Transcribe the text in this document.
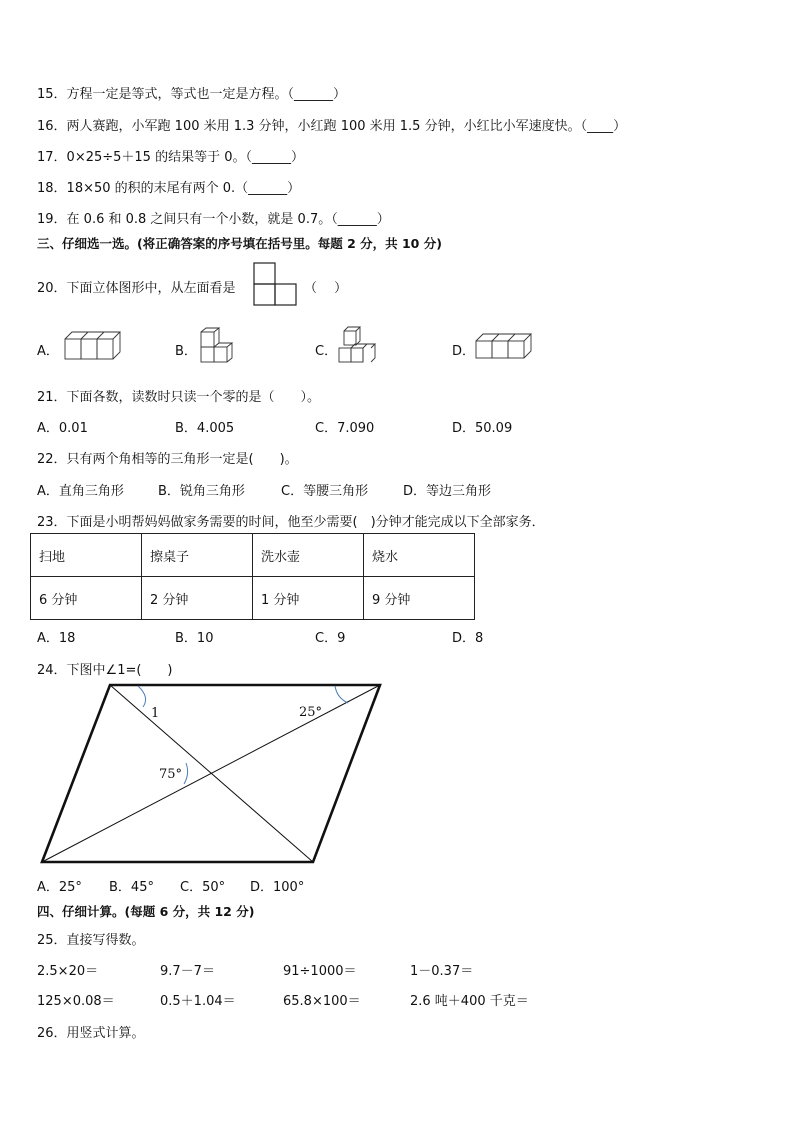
15．方程一定是等式，等式也一定是方程。（______）
16．两人赛跑，小军跑 100 米用 1.3 分钟，小红跑 100 米用 1.5 分钟，小红比小军速度快。（____）
17．0×25÷5＋15 的结果等于 0。（______）
18．18×50 的积的末尾有两个 0.（______）
19．在 0.6 和 0.8 之间只有一个小数，就是 0.7。（______）
三、仔细选一选。(将正确答案的序号填在括号里。每题 2 分，共 10 分)
20．下面立体图形中，从左面看是	（　 ）
A．	B．	C．	D．
21．下面各数，读数时只读一个零的是（　　）。
A．0.01	B．4.005	C．7.090	D．50.09
22．只有两个角相等的三角形一定是(　　)。
A．直角三角形	B．锐角三角形	C．等腰三角形	D．等边三角形
23．下面是小明帮妈妈做家务需要的时间，他至少需要(　)分钟才能完成以下全部家务．
扫地	擦桌子	洗水壶	烧水
6 分钟	2 分钟	1 分钟	9 分钟
A．18	B．10	C．9	D．8
24．下图中∠1=(　　)
1	25°
75°
A．25° B．45° C．50° D．100°
四、仔细计算。(每题 6 分，共 12 分)
25．直接写得数。
2.5×20＝	9.7－7＝	91÷1000＝	1－0.37＝
125×0.08＝	0.5＋1.04＝	65.8×100＝	2.6 吨＋400 千克＝
26．用竖式计算。
